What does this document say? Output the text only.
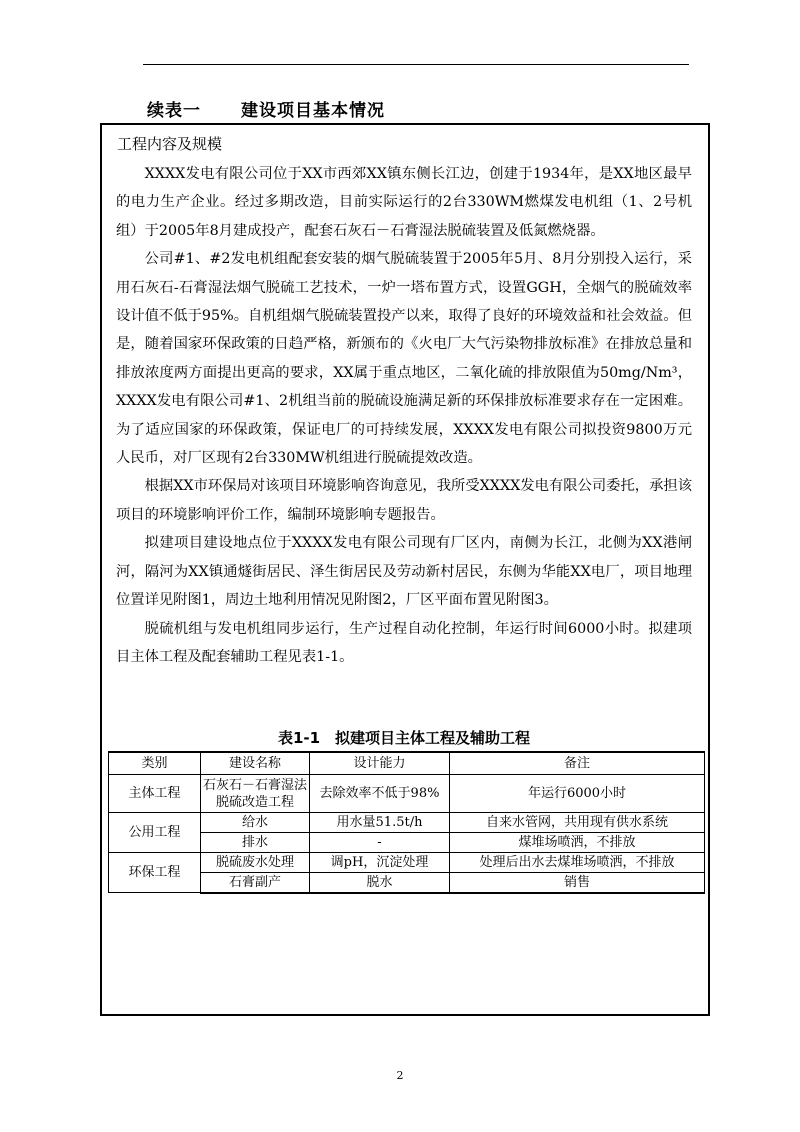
续表一 建设项目基本情况
工程内容及规模

XXXX发电有限公司位于XX市西郊XX镇东侧长江边，创建于1934年，是XX地区最早的电力生产企业。经过多期改造，目前实际运行的2台330WM燃煤发电机组（1、2号机组）于2005年8月建成投产，配套石灰石－石膏湿法脱硫装置及低氮燃烧器。

公司#1、#2发电机组配套安装的烟气脱硫装置于2005年5月、8月分别投入运行，采用石灰石-石膏湿法烟气脱硫工艺技术，一炉一塔布置方式，设置GGH，全烟气的脱硫效率设计值不低于95%。自机组烟气脱硫装置投产以来，取得了良好的环境效益和社会效益。但是，随着国家环保政策的日趋严格，新颁布的《火电厂大气污染物排放标准》在排放总量和排放浓度两方面提出更高的要求，XX属于重点地区，二氧化硫的排放限值为50mg/Nm³，XXXX发电有限公司#1、2机组当前的脱硫设施满足新的环保排放标准要求存在一定困难。为了适应国家的环保政策，保证电厂的可持续发展，XXXX发电有限公司拟投资9800万元人民币，对厂区现有2台330MW机组进行脱硫提效改造。

根据XX市环保局对该项目环境影响咨询意见，我所受XXXX发电有限公司委托，承担该项目的环境影响评价工作，编制环境影响专题报告。

拟建项目建设地点位于XXXX发电有限公司现有厂区内，南侧为长江，北侧为XX港闸河，隔河为XX镇通燧街居民、泽生街居民及劳动新村居民，东侧为华能XX电厂，项目地理位置详见附图1，周边土地利用情况见附图2，厂区平面布置见附图3。

脱硫机组与发电机组同步运行，生产过程自动化控制，年运行时间6000小时。拟建项目主体工程及配套辅助工程见表1-1。

表1-1　拟建项目主体工程及辅助工程
类别	建设名称	设计能力	备注
主体工程	石灰石－石膏湿法脱硫改造工程	去除效率不低于98%	年运行6000小时
公用工程	给水	用水量51.5t/h	自来水管网，共用现有供水系统
	排水	-	煤堆场喷洒，不排放
环保工程	脱硫废水处理	调pH，沉淀处理	处理后出水去煤堆场喷洒，不排放
	石膏副产	脱水	销售
2
